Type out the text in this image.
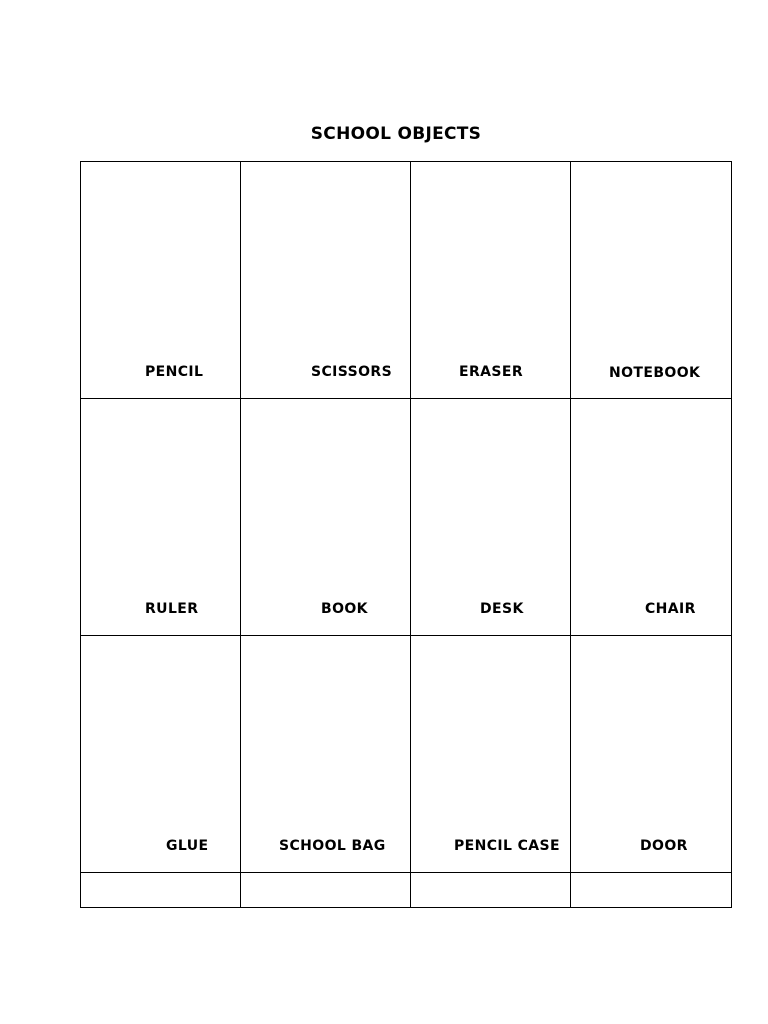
SCHOOL OBJECTS
PENCIL	SCISSORS	ERASER	NOTEBOOK

RULER	BOOK	DESK	CHAIR

GLUE	SCHOOL BAG	PENCIL CASE	DOOR
